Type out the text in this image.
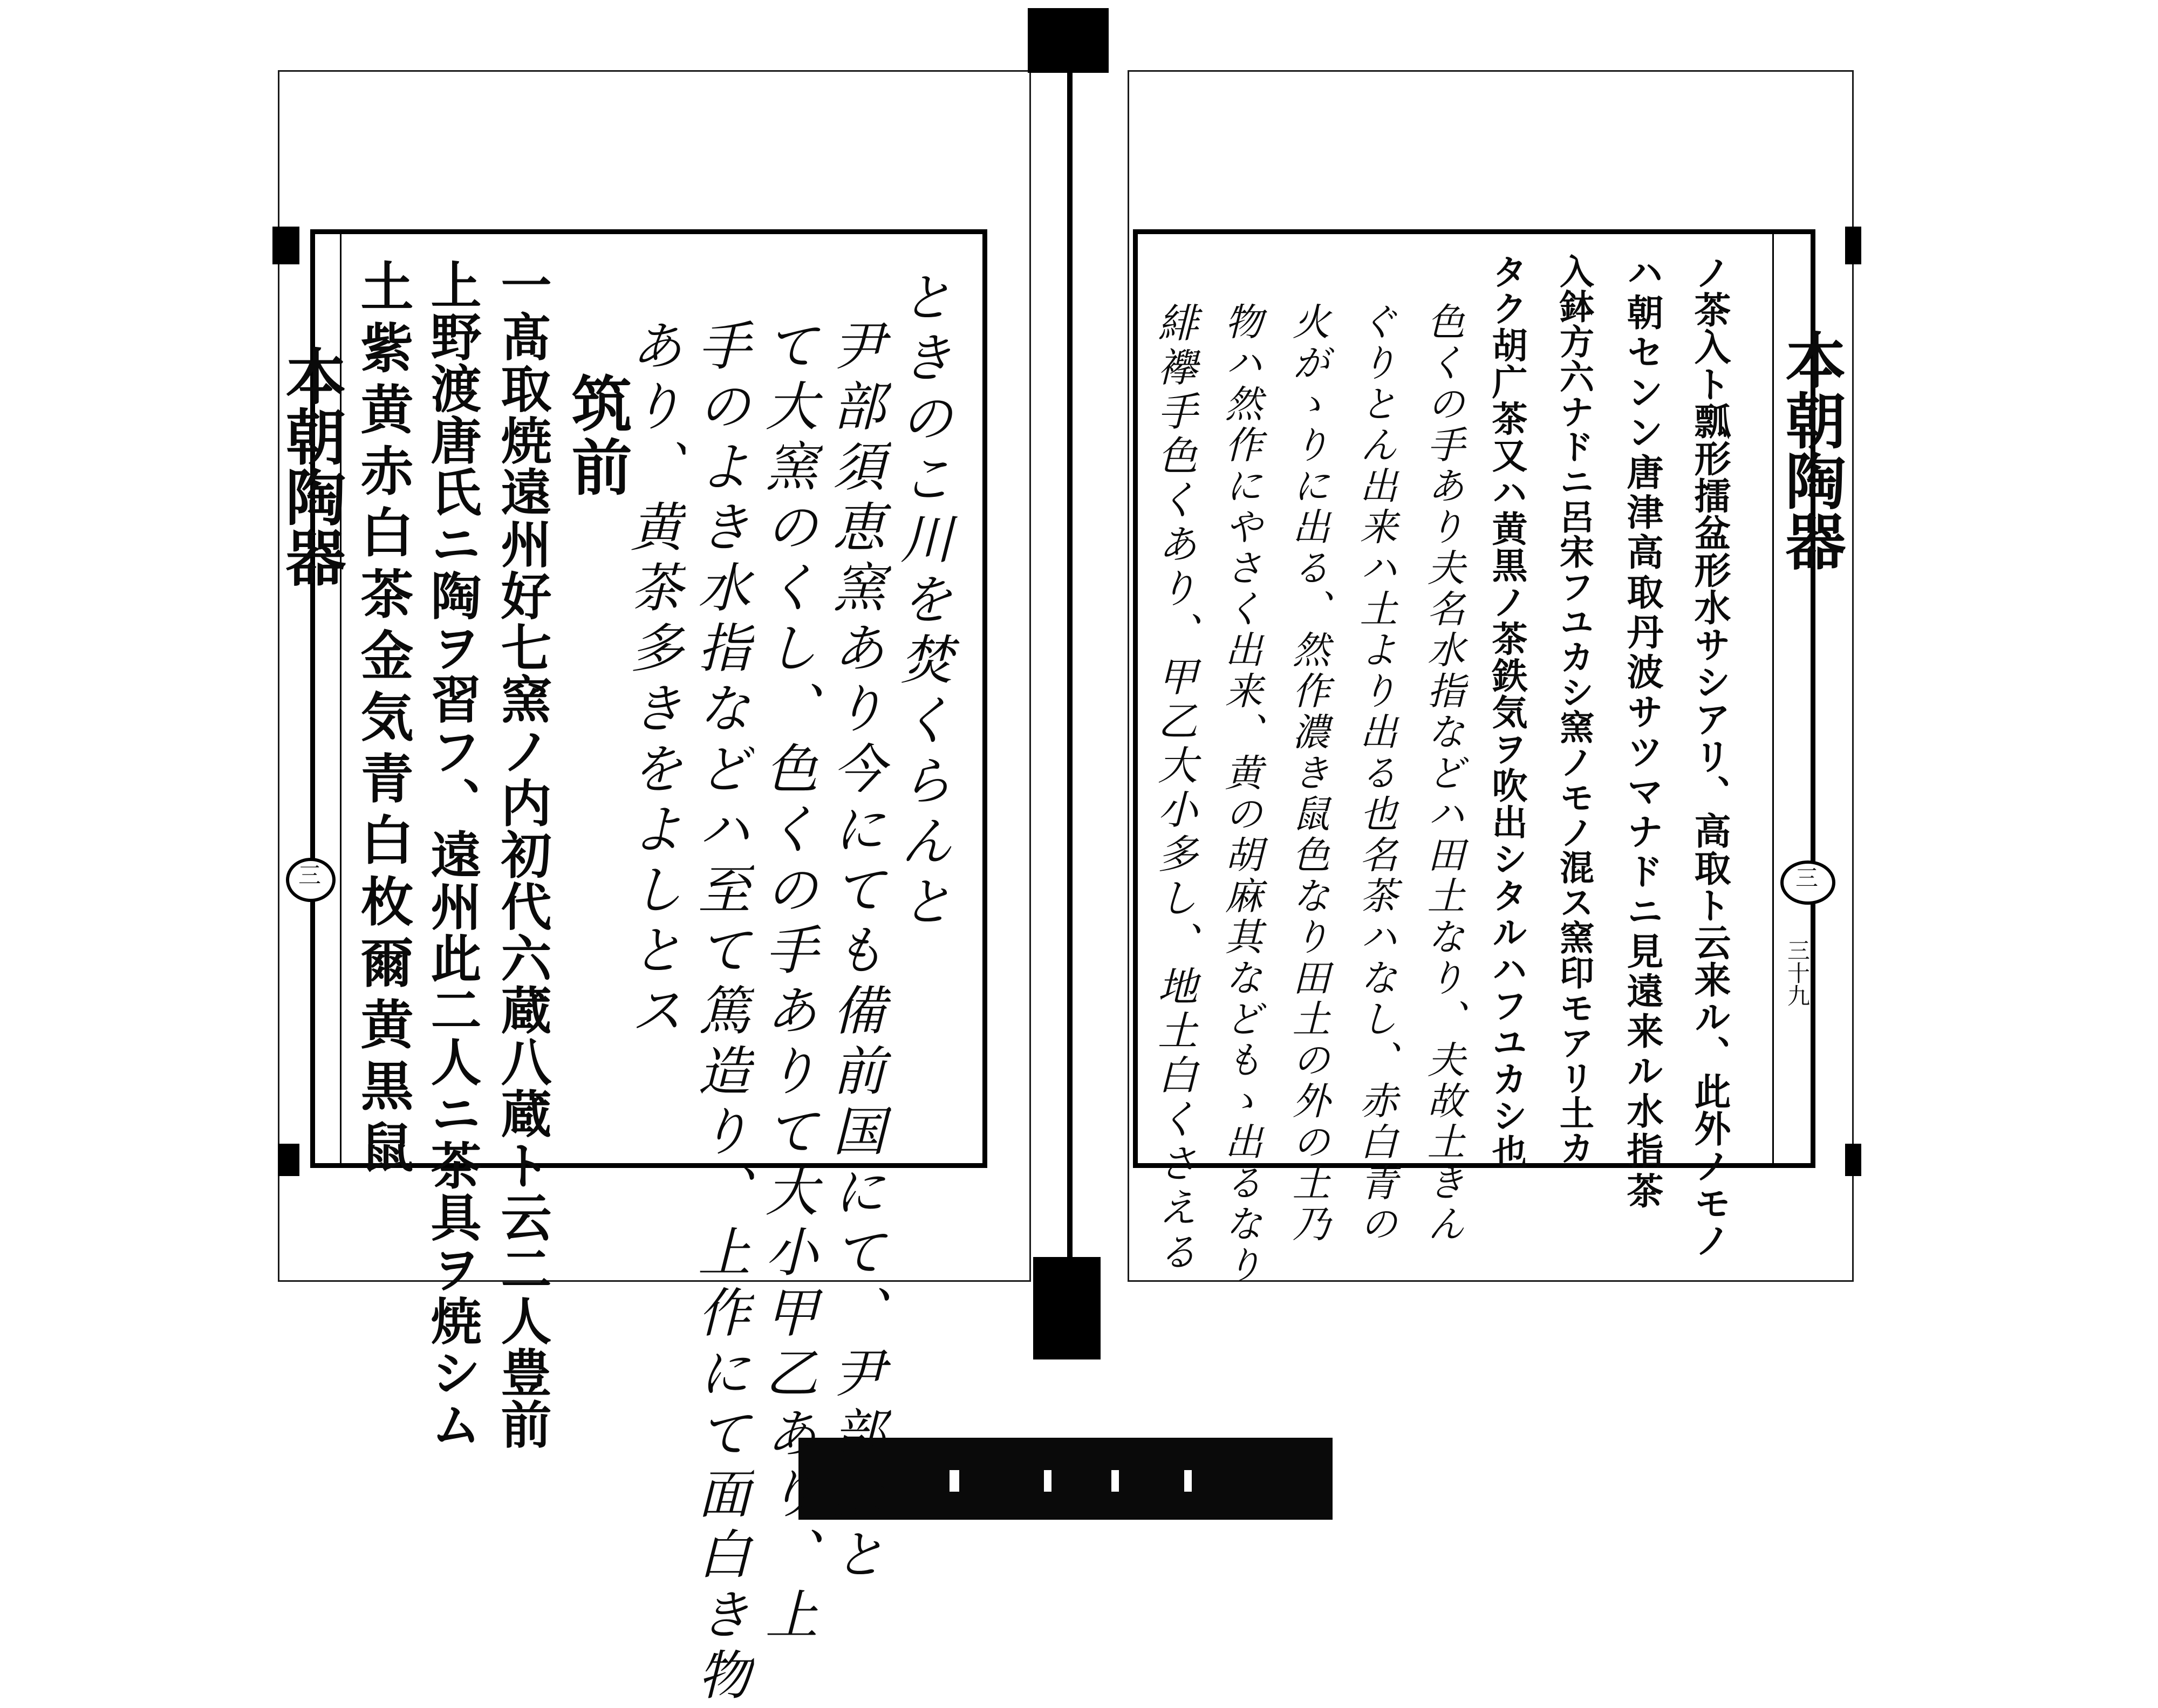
本朝陶器
三	ときのこ川を焚くらんと
尹部須恵窯あり今にても備前国にて、尹部窯と
て大窯のくし、色くの手ありて大小甲乙あり、上
手のよき水指などハ至て篤造り、上作にて面白き物
あり、黄茶多きをよしとス
筑前
一髙取焼遠州好七窯ノ内初代六蔵八蔵ト云二人豊前
上野渡唐氏ニ陶ヲ習フ、遠州此二人ニ茶具ヲ焼シム
土紫黄赤白茶金気青白枚爾黄黒鼠	本朝陶器
三
三十九
ノ茶入ト瓢形擂盆形水サシアリ、高取ト云来ル、此外ノモノ
ハ朝センン唐津高取丹波サツマナドニ見遠来ル水指茶
入鉢方六ナドニ呂宋フユカシ窯ノモノ混ス窯印モアリ土カ
タク胡广茶又ハ黄黒ノ茶鉄気ヲ吹出シタルハフユカシ也
色くの手あり夫名水指などハ田土なり、夫故土きん
ぐりとん出来ハ土より出る也名茶ハなし、赤白青の
火がゝりに出る、然作濃き鼠色なり田土の外の土乃
物ハ然作にやさく出来、黄の胡麻其などもゝ出るなり
緋襷手色くあり、甲乙大小多し、地土白くさえる
